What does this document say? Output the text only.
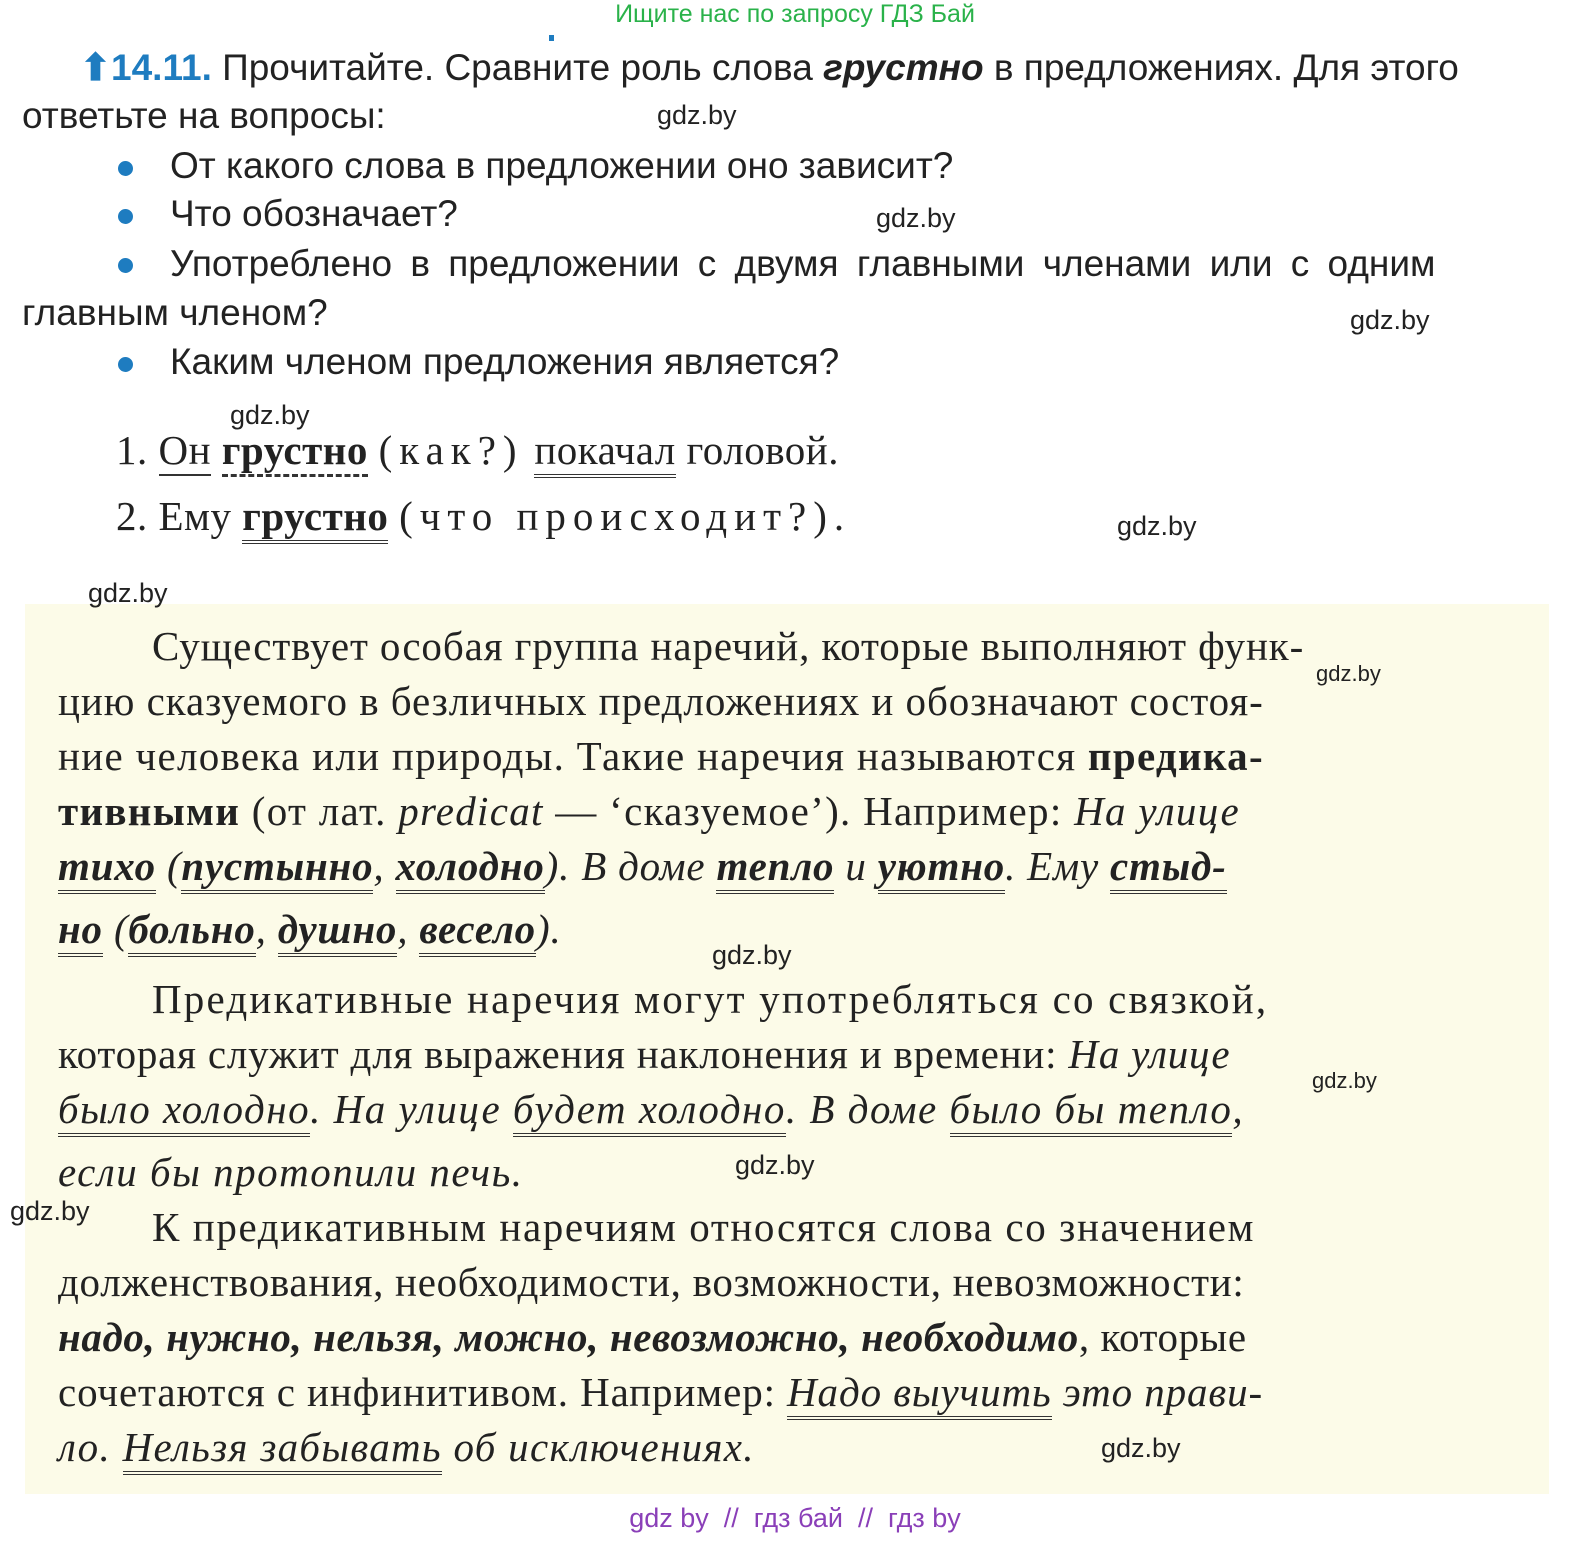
Ищите нас по запросу ГДЗ Бай
⬆14.11. Прочитайте. Сравните роль слова грустно в предложениях. Для этого
ответьте на вопросы:
От какого слова в предложении оно зависит?
Что обозначает?
Употреблено в предложении с двумя главными членами или с одним
главным членом?
Каким членом предложения является?
1. Он грустно (как?) покачал головой.
2. Ему грустно (что происходит?).
Существует особая группа наречий, которые выполняют функ-
цию сказуемого в безличных предложениях и обозначают состоя-
ние человека или природы. Такие наречия называются предика-
тивными (от лат. predicat — ‘сказуемое’). Например: На улице
тихо (пустынно, холодно). В доме тепло и уютно. Ему стыд-
но (больно, душно, весело).
Предикативные наречия могут употребляться со связкой,
которая служит для выражения наклонения и времени: На улице
было холодно. На улице будет холодно. В доме было бы тепло,
если бы протопили печь.
К предикативным наречиям относятся слова со значением
долженствования, необходимости, возможности, невозможности:
надо, нужно, нельзя, можно, невозможно, необходимо, которые
сочетаются с инфинитивом. Например: Надо выучить это прави-
ло. Нельзя забывать об исключениях.
gdz.by
gdz.by
gdz.by
gdz.by
gdz.by
gdz.by
gdz.by
gdz.by
gdz.by
gdz.by
gdz.by
gdz.by
gdz by  //  гдз бай  //  гдз by
